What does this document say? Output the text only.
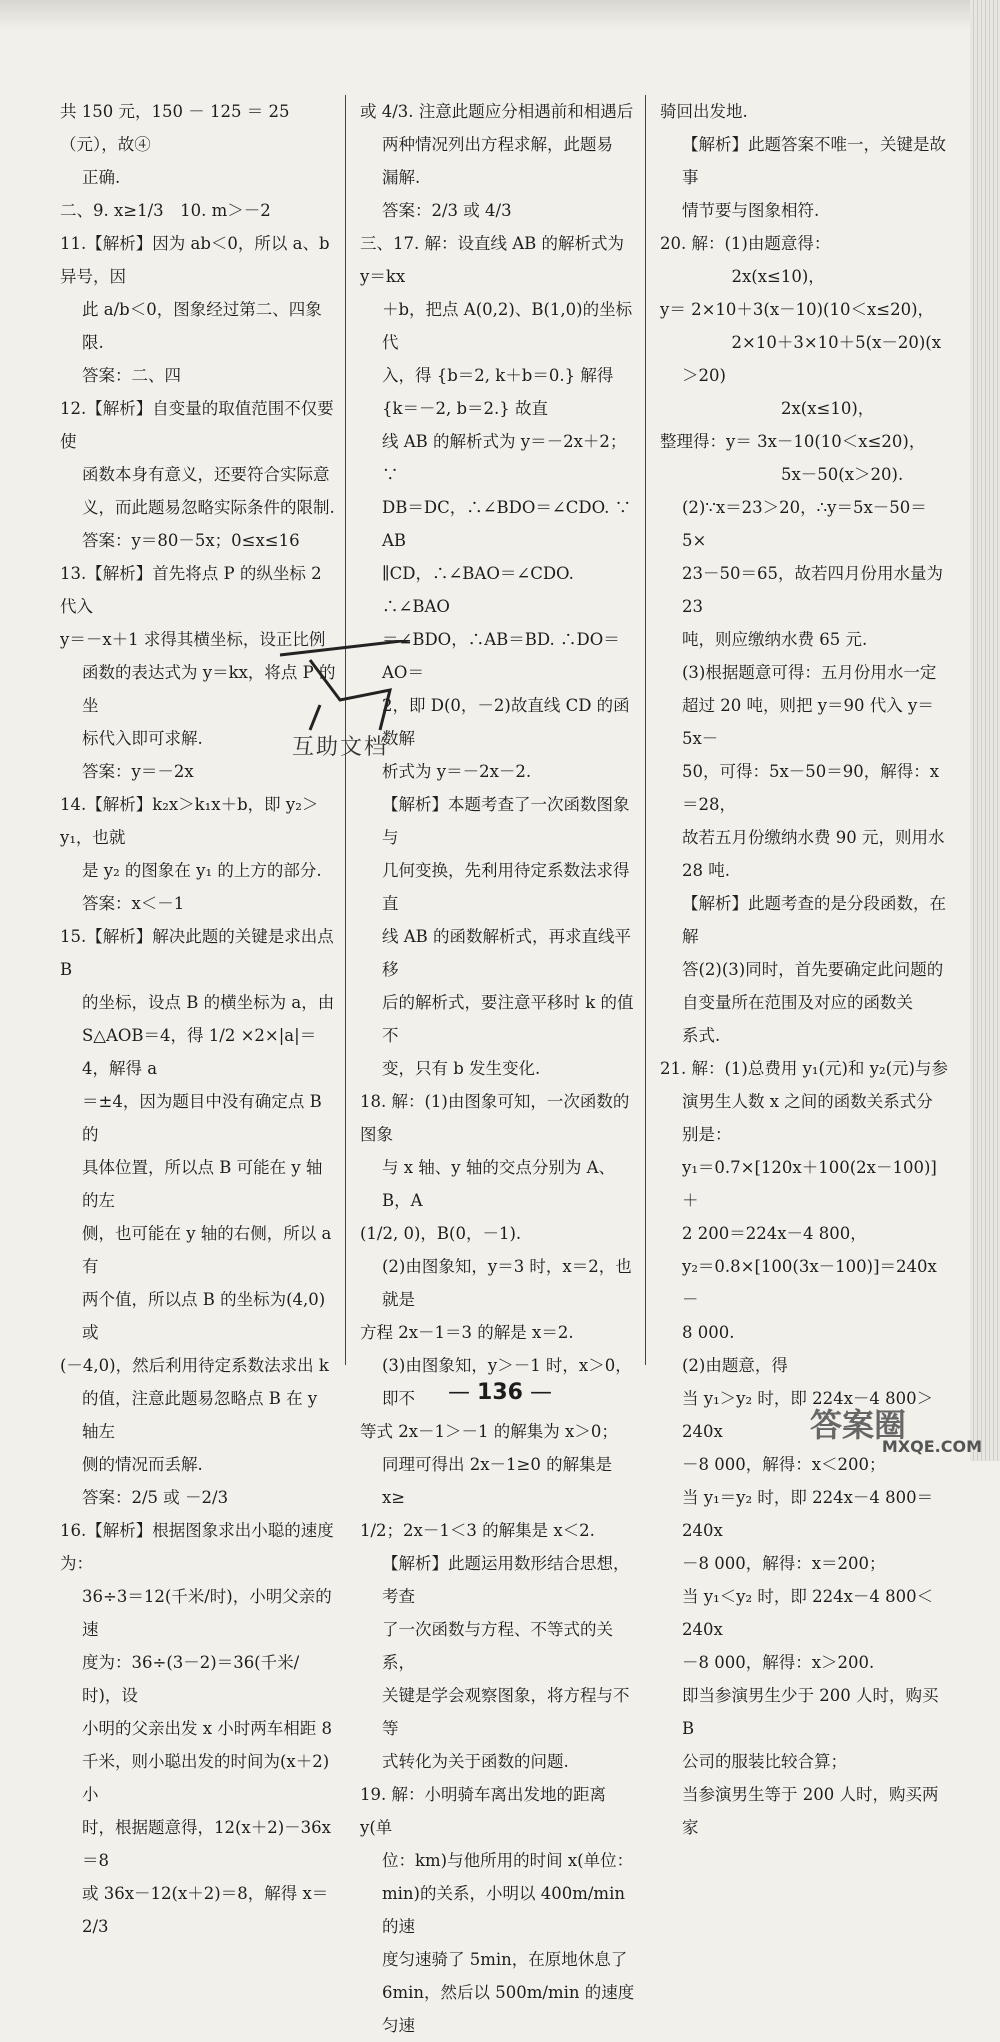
共 150 元，150 － 125 ＝ 25（元），故④

正确.

二、9. x≥1/3　10. m＞－2

11.【解析】因为 ab＜0，所以 a、b 异号，因

此 a/b＜0，图象经过第二、四象限.

答案：二、四

12.【解析】自变量的取值范围不仅要使

函数本身有意义，还要符合实际意

义，而此题易忽略实际条件的限制.

答案：y＝80－5x；0≤x≤16

13.【解析】首先将点 P 的纵坐标 2 代入

y＝－x＋1 求得其横坐标，设正比例

函数的表达式为 y＝kx，将点 P 的坐

标代入即可求解.

答案：y＝－2x

14.【解析】k₂x＞k₁x＋b，即 y₂＞y₁，也就

是 y₂ 的图象在 y₁ 的上方的部分.

答案：x＜－1

15.【解析】解决此题的关键是求出点 B

的坐标，设点 B 的横坐标为 a，由

S△AOB＝4，得 1/2 ×2×|a|＝4，解得 a

＝±4，因为题目中没有确定点 B 的

具体位置，所以点 B 可能在 y 轴的左

侧，也可能在 y 轴的右侧，所以 a 有

两个值，所以点 B 的坐标为(4,0)或

(－4,0)，然后利用待定系数法求出 k

的值，注意此题易忽略点 B 在 y 轴左

侧的情况而丢解.

答案：2/5 或 －2/3

16.【解析】根据图象求出小聪的速度为：

36÷3＝12(千米/时)，小明父亲的速

度为：36÷(3－2)＝36(千米/时)，设

小明的父亲出发 x 小时两车相距 8

千米，则小聪出发的时间为(x＋2)小

时，根据题意得，12(x＋2)－36x＝8

或 36x－12(x＋2)＝8，解得 x＝2/3

或 4/3. 注意此题应分相遇前和相遇后

两种情况列出方程求解，此题易

漏解.

答案：2/3 或 4/3

三、17. 解：设直线 AB 的解析式为 y＝kx

＋b，把点 A(0,2)、B(1,0)的坐标代

入，得 {b＝2, k＋b＝0.} 解得 {k＝－2, b＝2.} 故直

线 AB 的解析式为 y＝－2x＋2；∵

DB＝DC，∴∠BDO＝∠CDO. ∵ AB

∥CD，∴∠BAO＝∠CDO. ∴∠BAO

＝∠BDO，∴AB＝BD. ∴DO＝AO＝

2，即 D(0，－2)故直线 CD 的函数解

析式为 y＝－2x－2.

【解析】本题考查了一次函数图象与

几何变换，先利用待定系数法求得直

线 AB 的函数解析式，再求直线平移

后的解析式，要注意平移时 k 的值不

变，只有 b 发生变化.

18. 解：(1)由图象可知，一次函数的图象

与 x 轴、y 轴的交点分别为 A、B，A

(1/2, 0)，B(0，－1).

(2)由图象知，y＝3 时，x＝2，也就是

方程 2x－1＝3 的解是 x＝2.

(3)由图象知，y＞－1 时，x＞0，即不

等式 2x－1＞－1 的解集为 x＞0；

同理可得出 2x－1≥0 的解集是 x≥

1/2；2x－1＜3 的解集是 x＜2.

【解析】此题运用数形结合思想，考查

了一次函数与方程、不等式的关系，

关键是学会观察图象，将方程与不等

式转化为关于函数的问题.

19. 解：小明骑车离出发地的距离 y(单

位：km)与他所用的时间 x(单位：

min)的关系，小明以 400m/min 的速

度匀速骑了 5min，在原地休息了

6min，然后以 500m/min 的速度匀速

骑回出发地.

【解析】此题答案不唯一，关键是故事

情节要与图象相符.

20. 解：(1)由题意得：

　　　2x(x≤10)，

y＝ 2×10＋3(x－10)(10＜x≤20)，

　　　2×10＋3×10＋5(x－20)(x＞20)

　　　　　　2x(x≤10)，

整理得：y＝ 3x－10(10＜x≤20)，

　　　　　　5x－50(x＞20).

(2)∵x＝23＞20，∴y＝5x－50＝5×

23－50＝65，故若四月份用水量为 23

吨，则应缴纳水费 65 元.

(3)根据题意可得：五月份用水一定

超过 20 吨，则把 y＝90 代入 y＝5x－

50，可得：5x－50＝90，解得：x＝28，

故若五月份缴纳水费 90 元，则用水

28 吨.

【解析】此题考查的是分段函数，在解

答(2)(3)同时，首先要确定此问题的

自变量所在范围及对应的函数关

系式.

21. 解：(1)总费用 y₁(元)和 y₂(元)与参

演男生人数 x 之间的函数关系式分

别是：

y₁＝0.7×[120x＋100(2x－100)]＋

2 200＝224x－4 800，

y₂＝0.8×[100(3x－100)]＝240x－

8 000.

(2)由题意，得

当 y₁＞y₂ 时，即 224x－4 800＞240x

－8 000，解得：x＜200；

当 y₁＝y₂ 时，即 224x－4 800＝240x

－8 000，解得：x＝200；

当 y₁＜y₂ 时，即 224x－4 800＜240x

－8 000，解得：x＞200.

即当参演男生少于 200 人时，购买 B

公司的服装比较合算；

当参演男生等于 200 人时，购买两家

互助文档
— 136 —
答案圈
MXQE.COM
